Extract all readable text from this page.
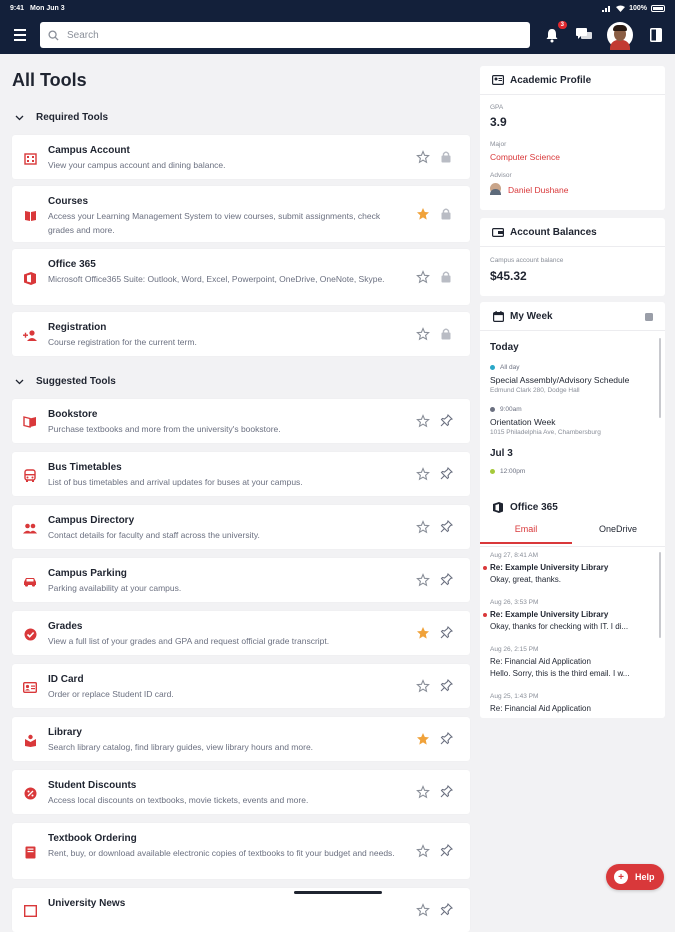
9:41 Mon Jun 3	100%
Search
3
All Tools
Required Tools
Campus Account
View your campus account and dining balance.
Courses
Access your Learning Management System to view courses, submit assignments, check grades and more.
Office 365
Microsoft Office365 Suite: Outlook, Word, Excel, Powerpoint, OneDrive, OneNote, Skype.
Registration
Course registration for the current term.
Suggested Tools
Bookstore
Purchase textbooks and more from the university's bookstore.
Bus Timetables
List of bus timetables and arrival updates for buses at your campus.
Campus Directory
Contact details for faculty and staff across the university.
Campus Parking
Parking availability at your campus.
Grades
View a full list of your grades and GPA and request official grade transcript.
ID Card
Order or replace Student ID card.
Library
Search library catalog, find library guides, view library hours and more.
Student Discounts
Access local discounts on textbooks, movie tickets, events and more.
Textbook Ordering
Rent, buy, or download available electronic copies of textbooks to fit your budget and needs.
University News
Academic Profile
GPA
3.9
Major
Computer Science
Advisor
Daniel Dushane
Account Balances
Campus account balance
$45.32
My Week
Today
All day
Special Assembly/Advisory Schedule
Edmund Clark 280, Dodge Hall
9:00am
Orientation Week
1015 Philadelphia Ave, Chambersburg
Jul 3
12:00pm
Office 365
Email	OneDrive
Aug 27, 8:41 AM
Re: Example University Library
Okay, great, thanks.
Aug 26, 3:53 PM
Re: Example University Library
Okay, thanks for checking with IT. I di...
Aug 26, 2:15 PM
Re: Financial Aid Application
Hello. Sorry, this is the third email. I w...
Aug 25, 1:43 PM
Re: Financial Aid Application
+	Help
